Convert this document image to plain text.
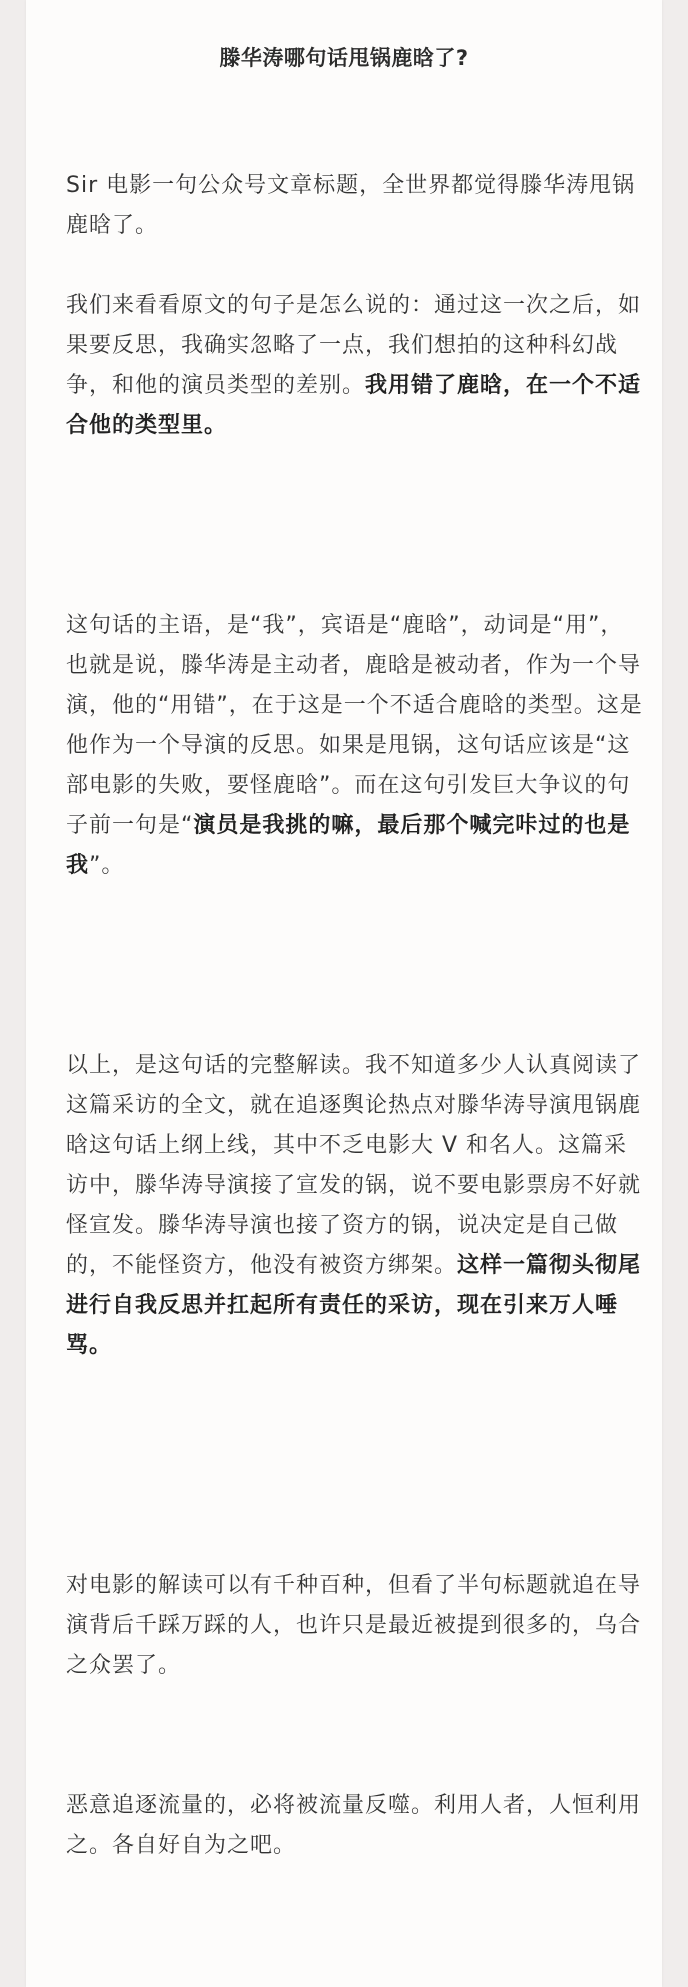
滕华涛哪句话甩锅鹿晗了?

Sir 电影一句公众号文章标题，全世界都觉得滕华涛甩锅鹿晗了。

我们来看看原文的句子是怎么说的：通过这一次之后，如果要反思，我确实忽略了一点，我们想拍的这种科幻战争，和他的演员类型的差别。我用错了鹿晗，在一个不适合他的类型里。

这句话的主语，是“我”，宾语是“鹿晗”，动词是“用”，也就是说，滕华涛是主动者，鹿晗是被动者，作为一个导演，他的“用错”，在于这是一个不适合鹿晗的类型。这是他作为一个导演的反思。如果是甩锅，这句话应该是“这部电影的失败，要怪鹿晗”。而在这句引发巨大争议的句子前一句是“演员是我挑的嘛，最后那个喊完咔过的也是我”。

以上，是这句话的完整解读。我不知道多少人认真阅读了这篇采访的全文，就在追逐舆论热点对滕华涛导演甩锅鹿晗这句话上纲上线，其中不乏电影大 V 和名人。这篇采访中，滕华涛导演接了宣发的锅，说不要电影票房不好就怪宣发。滕华涛导演也接了资方的锅，说决定是自己做的，不能怪资方，他没有被资方绑架。这样一篇彻头彻尾进行自我反思并扛起所有责任的采访，现在引来万人唾骂。

对电影的解读可以有千种百种，但看了半句标题就追在导演背后千踩万踩的人，也许只是最近被提到很多的，乌合之众罢了。

恶意追逐流量的，必将被流量反噬。利用人者，人恒利用之。各自好自为之吧。
